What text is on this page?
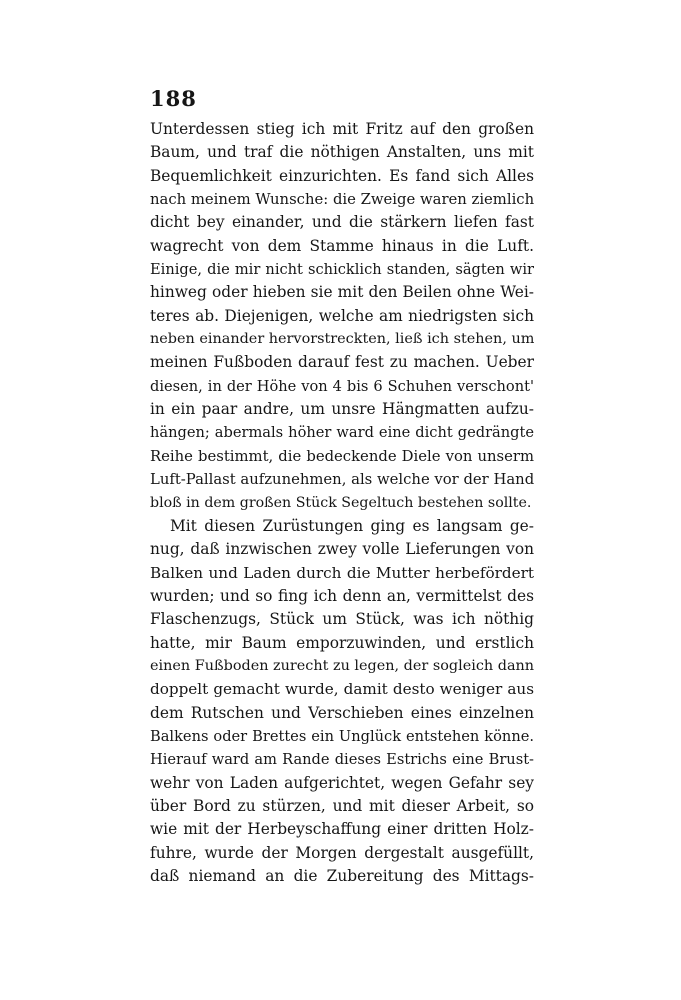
188
Unterdessen stieg ich mit Fritz auf den großen
Baum, und traf die nöthigen Anstalten, uns mit
Bequemlichkeit einzurichten. Es fand sich Alles
nach meinem Wunsche: die Zweige waren ziemlich
dicht bey einander, und die stärkern liefen fast
wagrecht von dem Stamme hinaus in die Luft.
Einige, die mir nicht schicklich standen, sägten wir
hinweg oder hieben sie mit den Beilen ohne Wei-
teres ab. Diejenigen, welche am niedrigsten sich
neben einander hervorstreckten, ließ ich stehen, um
meinen Fußboden darauf fest zu machen. Ueber
diesen, in der Höhe von 4 bis 6 Schuhen verschont'
in ein paar andre, um unsre Hängmatten aufzu-
hängen; abermals höher ward eine dicht gedrängte
Reihe bestimmt, die bedeckende Diele von unserm
Luft-Pallast aufzunehmen, als welche vor der Hand
bloß in dem großen Stück Segeltuch bestehen sollte.
Mit diesen Zurüstungen ging es langsam ge-
nug, daß inzwischen zwey volle Lieferungen von
Balken und Laden durch die Mutter herbefördert
wurden; und so fing ich denn an, vermittelst des
Flaschenzugs, Stück um Stück, was ich nöthig
hatte, mir Baum emporzuwinden, und erstlich
einen Fußboden zurecht zu legen, der sogleich dann
doppelt gemacht wurde, damit desto weniger aus
dem Rutschen und Verschieben eines einzelnen
Balkens oder Brettes ein Unglück entstehen könne.
Hierauf ward am Rande dieses Estrichs eine Brust-
wehr von Laden aufgerichtet, wegen Gefahr sey
über Bord zu stürzen, und mit dieser Arbeit, so
wie mit der Herbeyschaffung einer dritten Holz-
fuhre, wurde der Morgen dergestalt ausgefüllt,
daß niemand an die Zubereitung des Mittags-
